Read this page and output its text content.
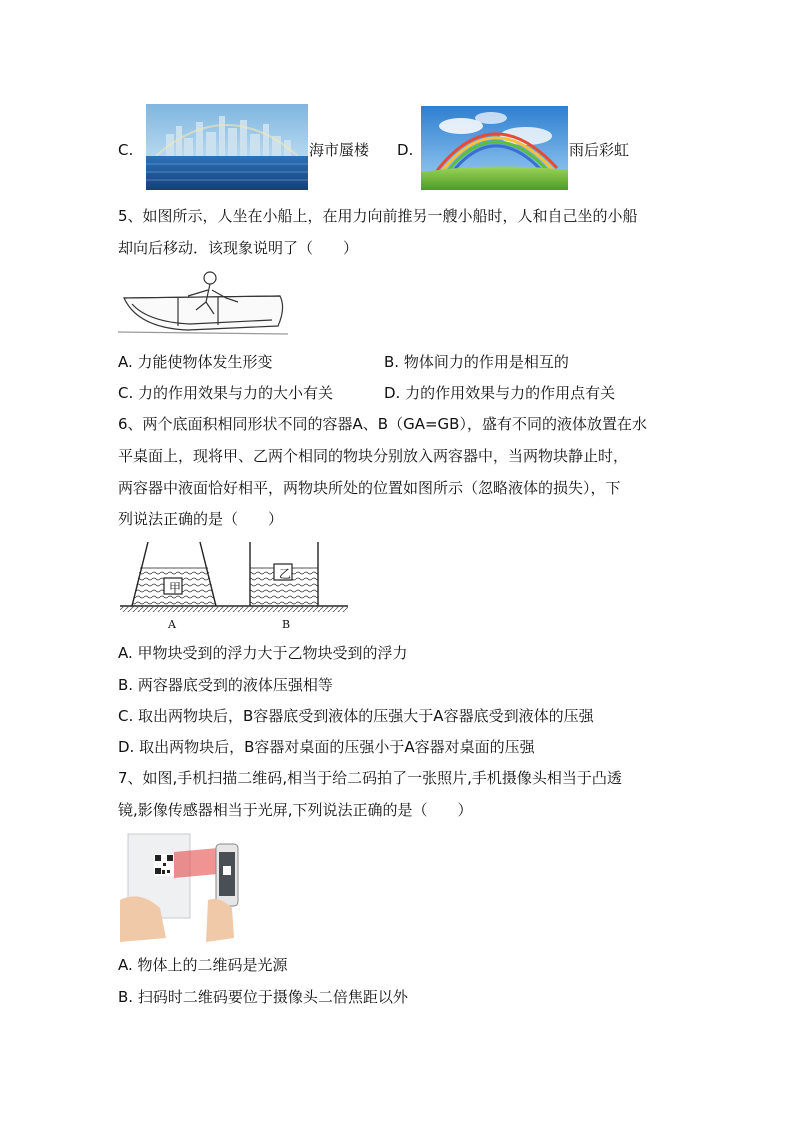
C.	海市蜃楼 D.	雨后彩虹
5、如图所示，人坐在小船上，在用力向前推另一艘小船时，人和自己坐的小船
却向后移动．该现象说明了（　　）
A. 力能使物体发生形变	B. 物体间力的作用是相互的
C. 力的作用效果与力的大小有关	D. 力的作用效果与力的作用点有关
6、两个底面积相同形状不同的容器A、B（GA=GB），盛有不同的液体放置在水
平桌面上，现将甲、乙两个相同的物块分别放入两容器中，当两物块静止时，
两容器中液面恰好相平，两物块所处的位置如图所示（忽略液体的损失），下
列说法正确的是（　　）
甲
乙
A	B
A. 甲物块受到的浮力大于乙物块受到的浮力
B. 两容器底受到的液体压强相等
C. 取出两物块后，B容器底受到液体的压强大于A容器底受到液体的压强
D. 取出两物块后，B容器对桌面的压强小于A容器对桌面的压强
7、如图,手机扫描二维码,相当于给二码拍了一张照片,手机摄像头相当于凸透
镜,影像传感器相当于光屏,下列说法正确的是（　　）
A. 物体上的二维码是光源
B. 扫码时二维码要位于摄像头二倍焦距以外
